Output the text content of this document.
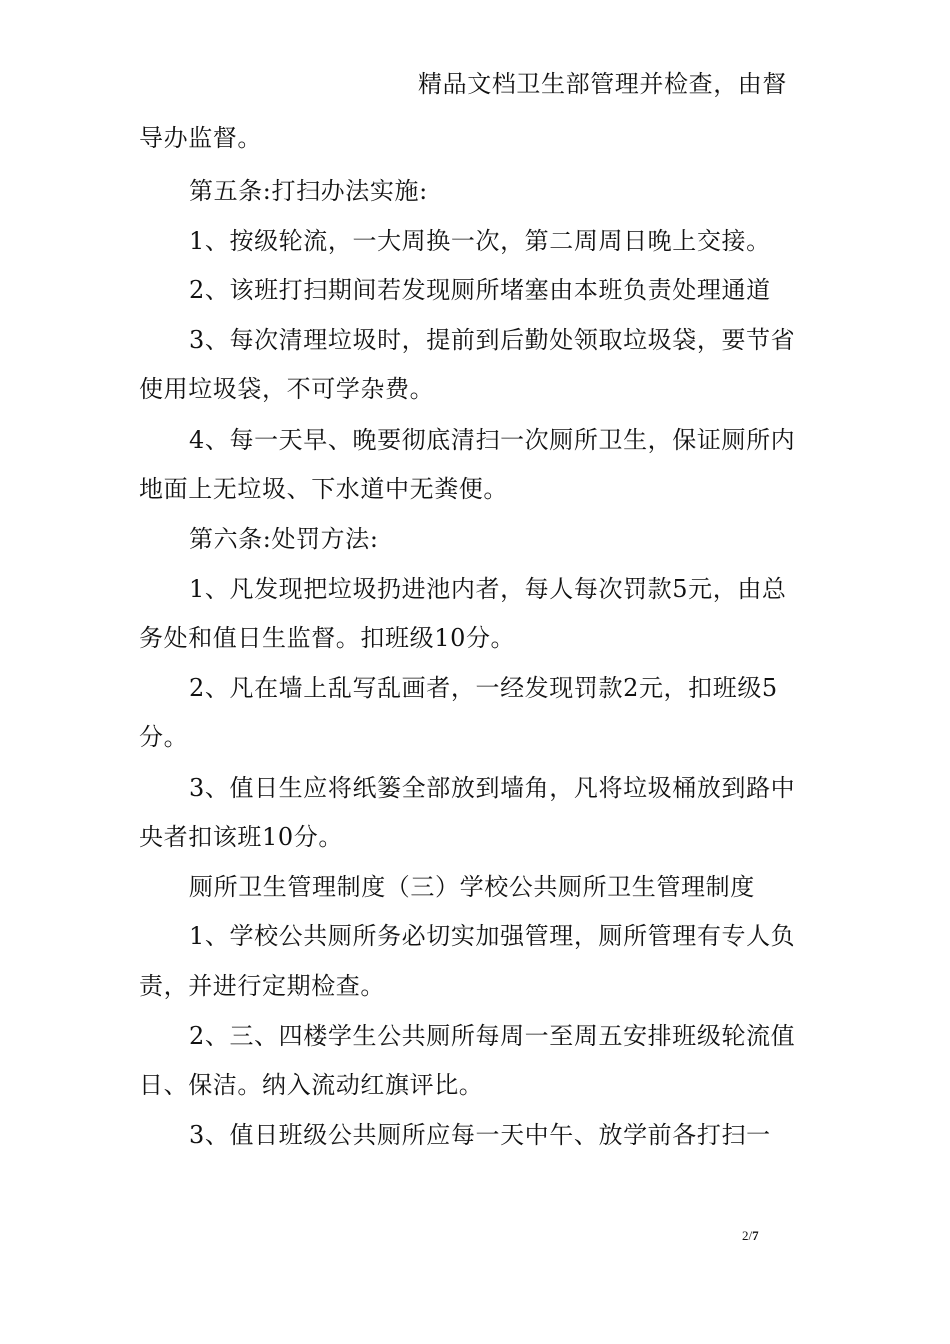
精品文档卫生部管理并检查，由督
导办监督。
第五条:打扫办法实施:
1、按级轮流，一大周换一次，第二周周日晚上交接。
2、该班打扫期间若发现厕所堵塞由本班负责处理通道
3、每次清理垃圾时，提前到后勤处领取垃圾袋，要节省
使用垃圾袋，不可学杂费。
4、每一天早、晚要彻底清扫一次厕所卫生，保证厕所内
地面上无垃圾、下水道中无粪便。
第六条:处罚方法:
1、凡发现把垃圾扔进池内者，每人每次罚款5元，由总
务处和值日生监督。扣班级10分。
2、凡在墙上乱写乱画者，一经发现罚款2元，扣班级5
分。
3、值日生应将纸篓全部放到墙角，凡将垃圾桶放到路中
央者扣该班10分。
厕所卫生管理制度（三）学校公共厕所卫生管理制度
1、学校公共厕所务必切实加强管理，厕所管理有专人负
责，并进行定期检查。
2、三、四楼学生公共厕所每周一至周五安排班级轮流值
日、保洁。纳入流动红旗评比。
3、值日班级公共厕所应每一天中午、放学前各打扫一
2/7
